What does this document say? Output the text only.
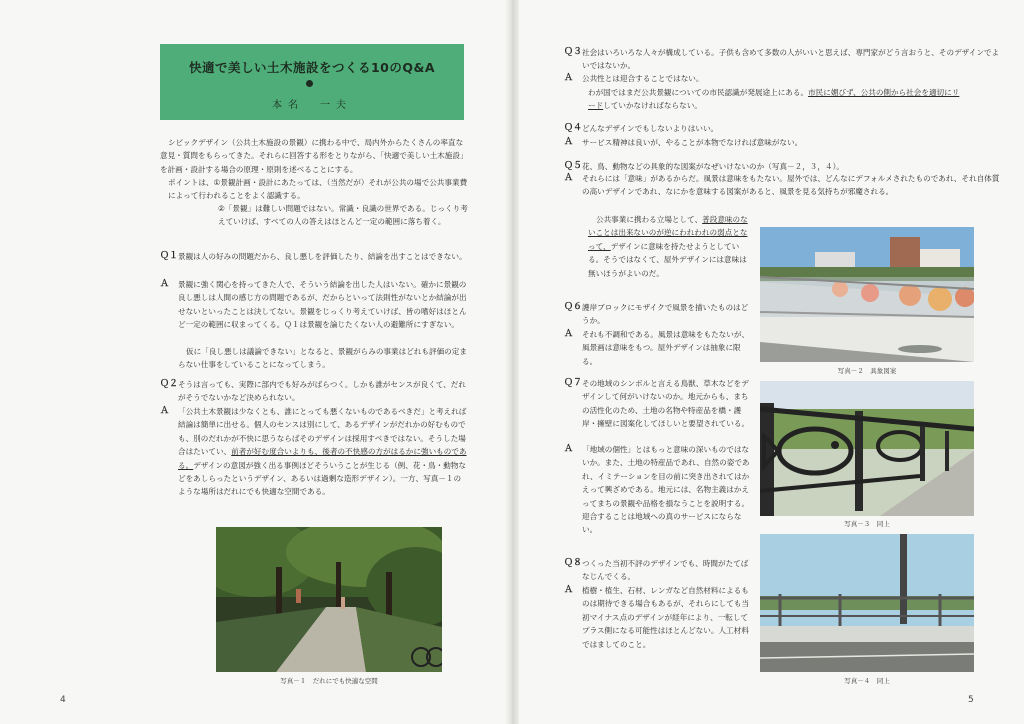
快適で美しい土木施設をつくる10のQ&A
本名　一夫

シビックデザイン（公共土木施設の景観）に携わる中で、局内外からたくさんの率直な意見・質問をもらってきた。それらに回答する形をとりながら、「快適で美しい土木施設」を計画・設計する場合の原理・原則を述べることにする。

ポイントは、①景観計画・設計にあたっては、（当然だが）それが公共の場で公共事業費によって行われることをよく認識する。

②「景観」は難しい問題ではない。常識・良識の世界である。じっくり考えていけば、すべての人の答えはほとんど一定の範囲に落ち着く。

Ｑ１ 景観は人の好みの問題だから、良し悪しを評価したり、結論を出すことはできない。
Ａ 景観に強く関心を持ってきた人で、そういう結論を出した人はいない。確かに景観の良し悪しは人間の感じ方の問題であるが、だからといって法則性がないとか結論が出せないといったことは決してない。景観をじっくり考えていけば、皆の嗜好はほとんど一定の範囲に収まってくる。Ｑ１は景観を論じたくない人の避難所にすぎない。

仮に「良し悪しは議論できない」となると、景観がらみの事業はどれも評価の定まらない仕事をしていることになってしまう。

Ｑ２ そうは言っても、実際に部内でも好みがばらつく。しかも誰がセンスが良くて、だれがそうでないかなど決められない。
Ａ 「公共土木景観は少なくとも、誰にとっても悪くないものであるべきだ」と考えれば結論は簡単に出せる。個人のセンスは別にして、あるデザインがだれかの好むものでも、別のだれかが不快に思うならばそのデザインは採用すべきではない。そうした場合はたいてい、前者が好む度合いよりも、後者の不快感の方がはるかに強いものである。デザインの意図が強く出る事例ほどそういうことが生じる（例、花・鳥・動物などをあしらったというデザイン、あるいは過剰な造形デザイン）。一方、写真－１のような場所はだれにでも快適な空間である。
写真－１　だれにでも快適な空間
4
Ｑ３ 社会はいろいろな人々が構成している。子供も含めて多数の人がいいと思えば、専門家がどう言おうと、そのデザインでよいではないか。
Ａ 公共性とは迎合することではない。

わが国ではまだ公共景観についての市民認識が発展途上にある。市民に媚びず、公共の側から社会を適切にリードしていかなければならない。

Ｑ４ どんなデザインでもしないよりはいい。
Ａ サービス精神は良いが、やることが本物でなければ意味がない。
Ｑ５ 花、鳥、動物などの具象的な図案がなぜいけないのか（写真－２，３，４）。
Ａ それらには「意味」があるからだ。風景は意味をもたない。屋外では、どんなにデフォルメされたものであれ、それ自体質の高いデザインであれ、なにかを意味する図案があると、風景を見る気持ちが邪魔される。

公共事業に携わる立場として、普段意味のないことは出来ないのが逆にわれわれの弱点となって、デザインに意味を持たせようとしている。そうではなくて、屋外デザインには意味は無いほうがよいのだ。

Ｑ６ 護岸ブロックにモザイクで風景を描いたものはどうか。
Ａ それも不調和である。風景は意味をもたないが、風景画は意味をもつ。屋外デザインは抽象に限る。
Ｑ７ その地域のシンボルと言える鳥獣、草木などをデザインして何がいけないのか。地元からも、まちの活性化のため、土地の名物や特産品を橋・護岸・擁壁に図案化してほしいと要望されている。
Ａ 「地域の個性」とはもっと意味の深いものではないか。また、土地の特産品であれ、自然の姿であれ、イミテーションを目の前に突き出されてはかえって興ざめである。地元には、名物主義はかえってまちの景観や品格を損なうことを説明する。迎合することは地域への真のサービスにならない。
Ｑ８ つくった当初不評のデザインでも、時間がたてばなじんでくる。
Ａ 植樹・植生、石材、レンガなど自然材料によるものは期待できる場合もあるが、それらにしても当初マイナス点のデザインが経年により、一転してプラス側になる可能性はほとんどない。人工材料ではましてのこと。
写真－２　具象図案
写真－３　同上
写真－４　同上
5
